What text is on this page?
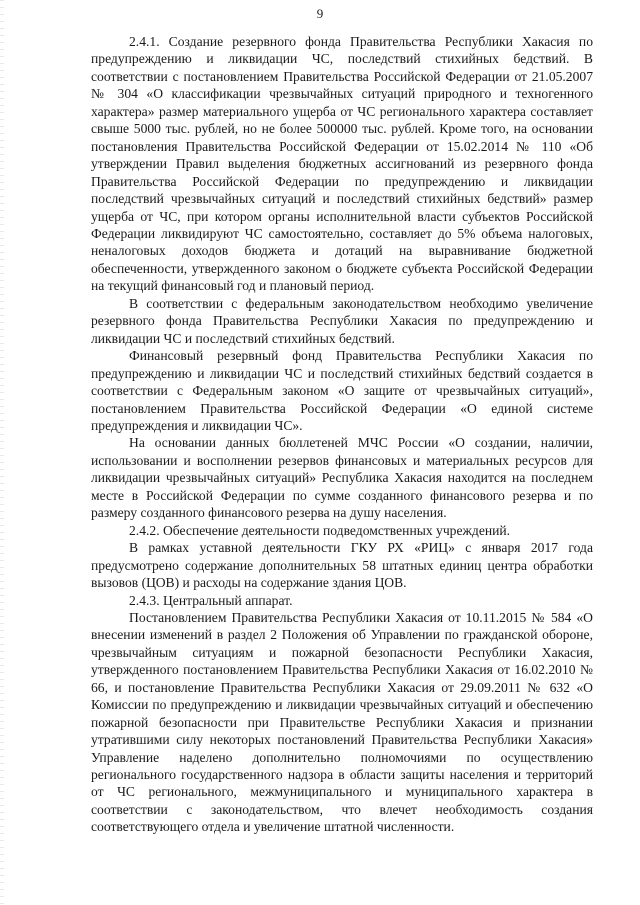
9

2.4.1. Создание резервного фонда Правительства Республики Хакасия по предупреждению и ликвидации ЧС, последствий стихийных бедствий. В соответствии с постановлением Правительства Российской Федерации от 21.05.2007 № 304 «О классификации чрезвычайных ситуаций природного и техногенного характера» размер материального ущерба от ЧС регионального характера составляет свыше 5000 тыс. рублей, но не более 500000 тыс. рублей. Кроме того, на основании постановления Правительства Российской Федерации от 15.02.2014 № 110 «Об утверждении Правил выделения бюджетных ассигнований из резервного фонда Правительства Российской Федерации по предупреждению и ликвидации последствий чрезвычайных ситуаций и последствий стихийных бедствий» размер ущерба от ЧС, при котором органы исполнительной власти субъектов Российской Федерации ликвидируют ЧС самостоятельно, составляет до 5% объема налоговых, неналоговых доходов бюджета и дотаций на выравнивание бюджетной обеспеченности, утвержденного законом о бюджете субъекта Российской Федерации на текущий финансовый год и плановый период.

В соответствии с федеральным законодательством необходимо увеличение резервного фонда Правительства Республики Хакасия по предупреждению и ликвидации ЧС и последствий стихийных бедствий.

Финансовый резервный фонд Правительства Республики Хакасия по предупреждению и ликвидации ЧС и последствий стихийных бедствий создается в соответствии с Федеральным законом «О защите от чрезвычайных ситуаций», постановлением Правительства Российской Федерации «О единой системе предупреждения и ликвидации ЧС».

На основании данных бюллетеней МЧС России «О создании, наличии, использовании и восполнении резервов финансовых и материальных ресурсов для ликвидации чрезвычайных ситуаций» Республика Хакасия находится на последнем месте в Российской Федерации по сумме созданного финансового резерва и по размеру созданного финансового резерва на душу населения.

2.4.2. Обеспечение деятельности подведомственных учреждений.

В рамках уставной деятельности ГКУ РХ «РИЦ» с января 2017 года предусмотрено содержание дополнительных 58 штатных единиц центра обработки вызовов (ЦОВ) и расходы на содержание здания ЦОВ.

2.4.3. Центральный аппарат.

Постановлением Правительства Республики Хакасия от 10.11.2015 № 584 «О внесении изменений в раздел 2 Положения об Управлении по гражданской обороне, чрезвычайным ситуациям и пожарной безопасности Республики Хакасия, утвержденного постановлением Правительства Республики Хакасия от 16.02.2010 № 66, и постановление Правительства Республики Хакасия от 29.09.2011 № 632 «О Комиссии по предупреждению и ликвидации чрезвычайных ситуаций и обеспечению пожарной безопасности при Правительстве Республики Хакасия и признании утратившими силу некоторых постановлений Правительства Республики Хакасия» Управление наделено дополнительно полномочиями по осуществлению регионального государственного надзора в области защиты населения и территорий от ЧС регионального, межмуниципального и муниципального характера в соответствии с законодательством, что влечет необходимость создания соответствующего отдела и увеличение штатной численности.
